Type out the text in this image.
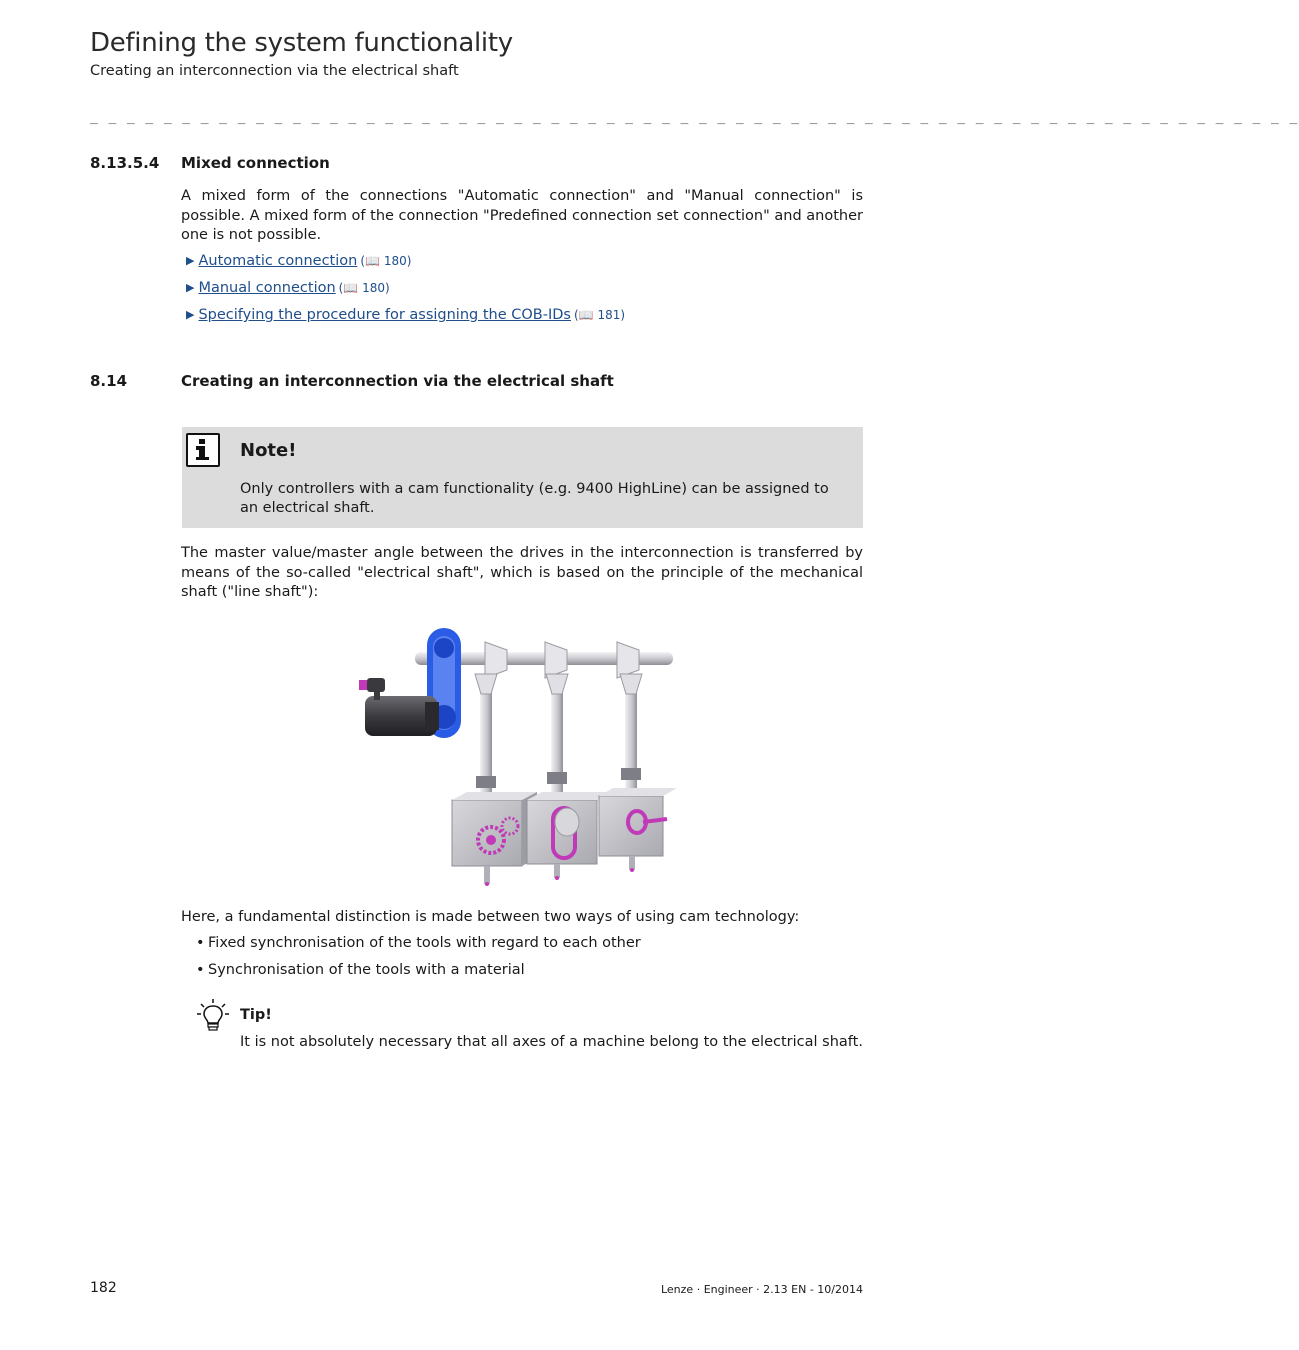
Defining the system functionality
Creating an interconnection via the electrical shaft
_ _ _ _ _ _ _ _ _ _ _ _ _ _ _ _ _ _ _ _ _ _ _ _ _ _ _ _ _ _ _ _ _ _ _ _ _ _ _ _ _ _ _ _ _ _ _ _ _ _ _ _ _ _ _ _ _ _ _ _ _ _ _ _ _ _
8.13.5.4 Mixed connection
A mixed form of the connections "Automatic connection" and "Manual connection" is possible. A mixed form of the connection "Predefined connection set connection" and another one is not possible.
▶ Automatic connection (📖 180)
▶ Manual connection (📖 180)
▶ Specifying the procedure for assigning the COB-IDs (📖 181)
8.14	Creating an interconnection via the electrical shaft
Note!
Only controllers with a cam functionality (e.g. 9400 HighLine) can be assigned to an electrical shaft.
The master value/master angle between the drives in the interconnection is transferred by means of the so-called "electrical shaft", which is based on the principle of the mechanical shaft ("line shaft"):
Here, a fundamental distinction is made between two ways of using cam technology:
• Fixed synchronisation of the tools with regard to each other
• Synchronisation of the tools with a material
Tip!
It is not absolutely necessary that all axes of a machine belong to the electrical shaft.
182	Lenze · Engineer · 2.13 EN - 10/2014
